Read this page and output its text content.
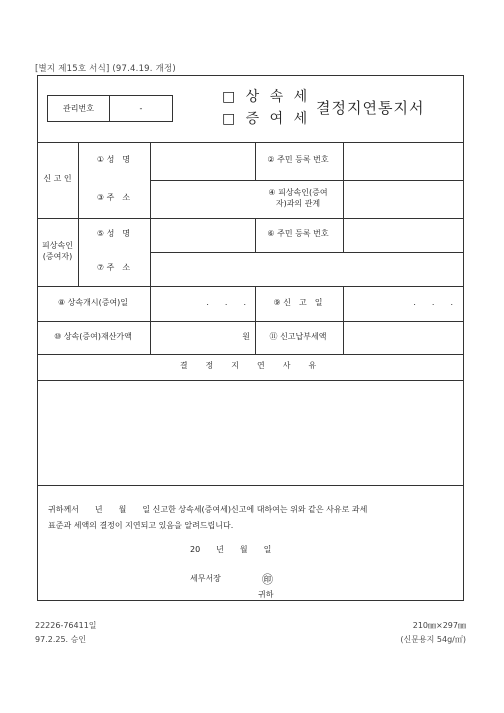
[별지 제15호 서식] (97.4.19. 개정)
관리번호	-
□ 상 속 세
□ 증 여 세
결정지연통지서
신 고 인
① 성　명	② 주민 등록 번호
③ 주　소
④ 피상속인(증여
자)과의 관계
피상속인
(증여자)
⑤ 성　명	⑥ 주민 등록 번호
⑦ 주　소
⑧ 상속개시(증여)일	.　　.　　.	⑨ 신　고　일	.　　.　　.
⑩ 상속(증여)재산가액	원	⑪ 신고납부세액
결　정　지　연　사　유
귀하께서　　년　　월　　일 신고한 상속세(증여세)신고에 대하여는 위와 같은 사유로 과세
표준과 세액의 결정이 지연되고 있음을 알려드립니다.
20　　년　　월　　일
세무서장	㊞
귀하
22226-76411일
97.2.25. 승인
210㎜×297㎜
(신문용지 54g/㎡)
